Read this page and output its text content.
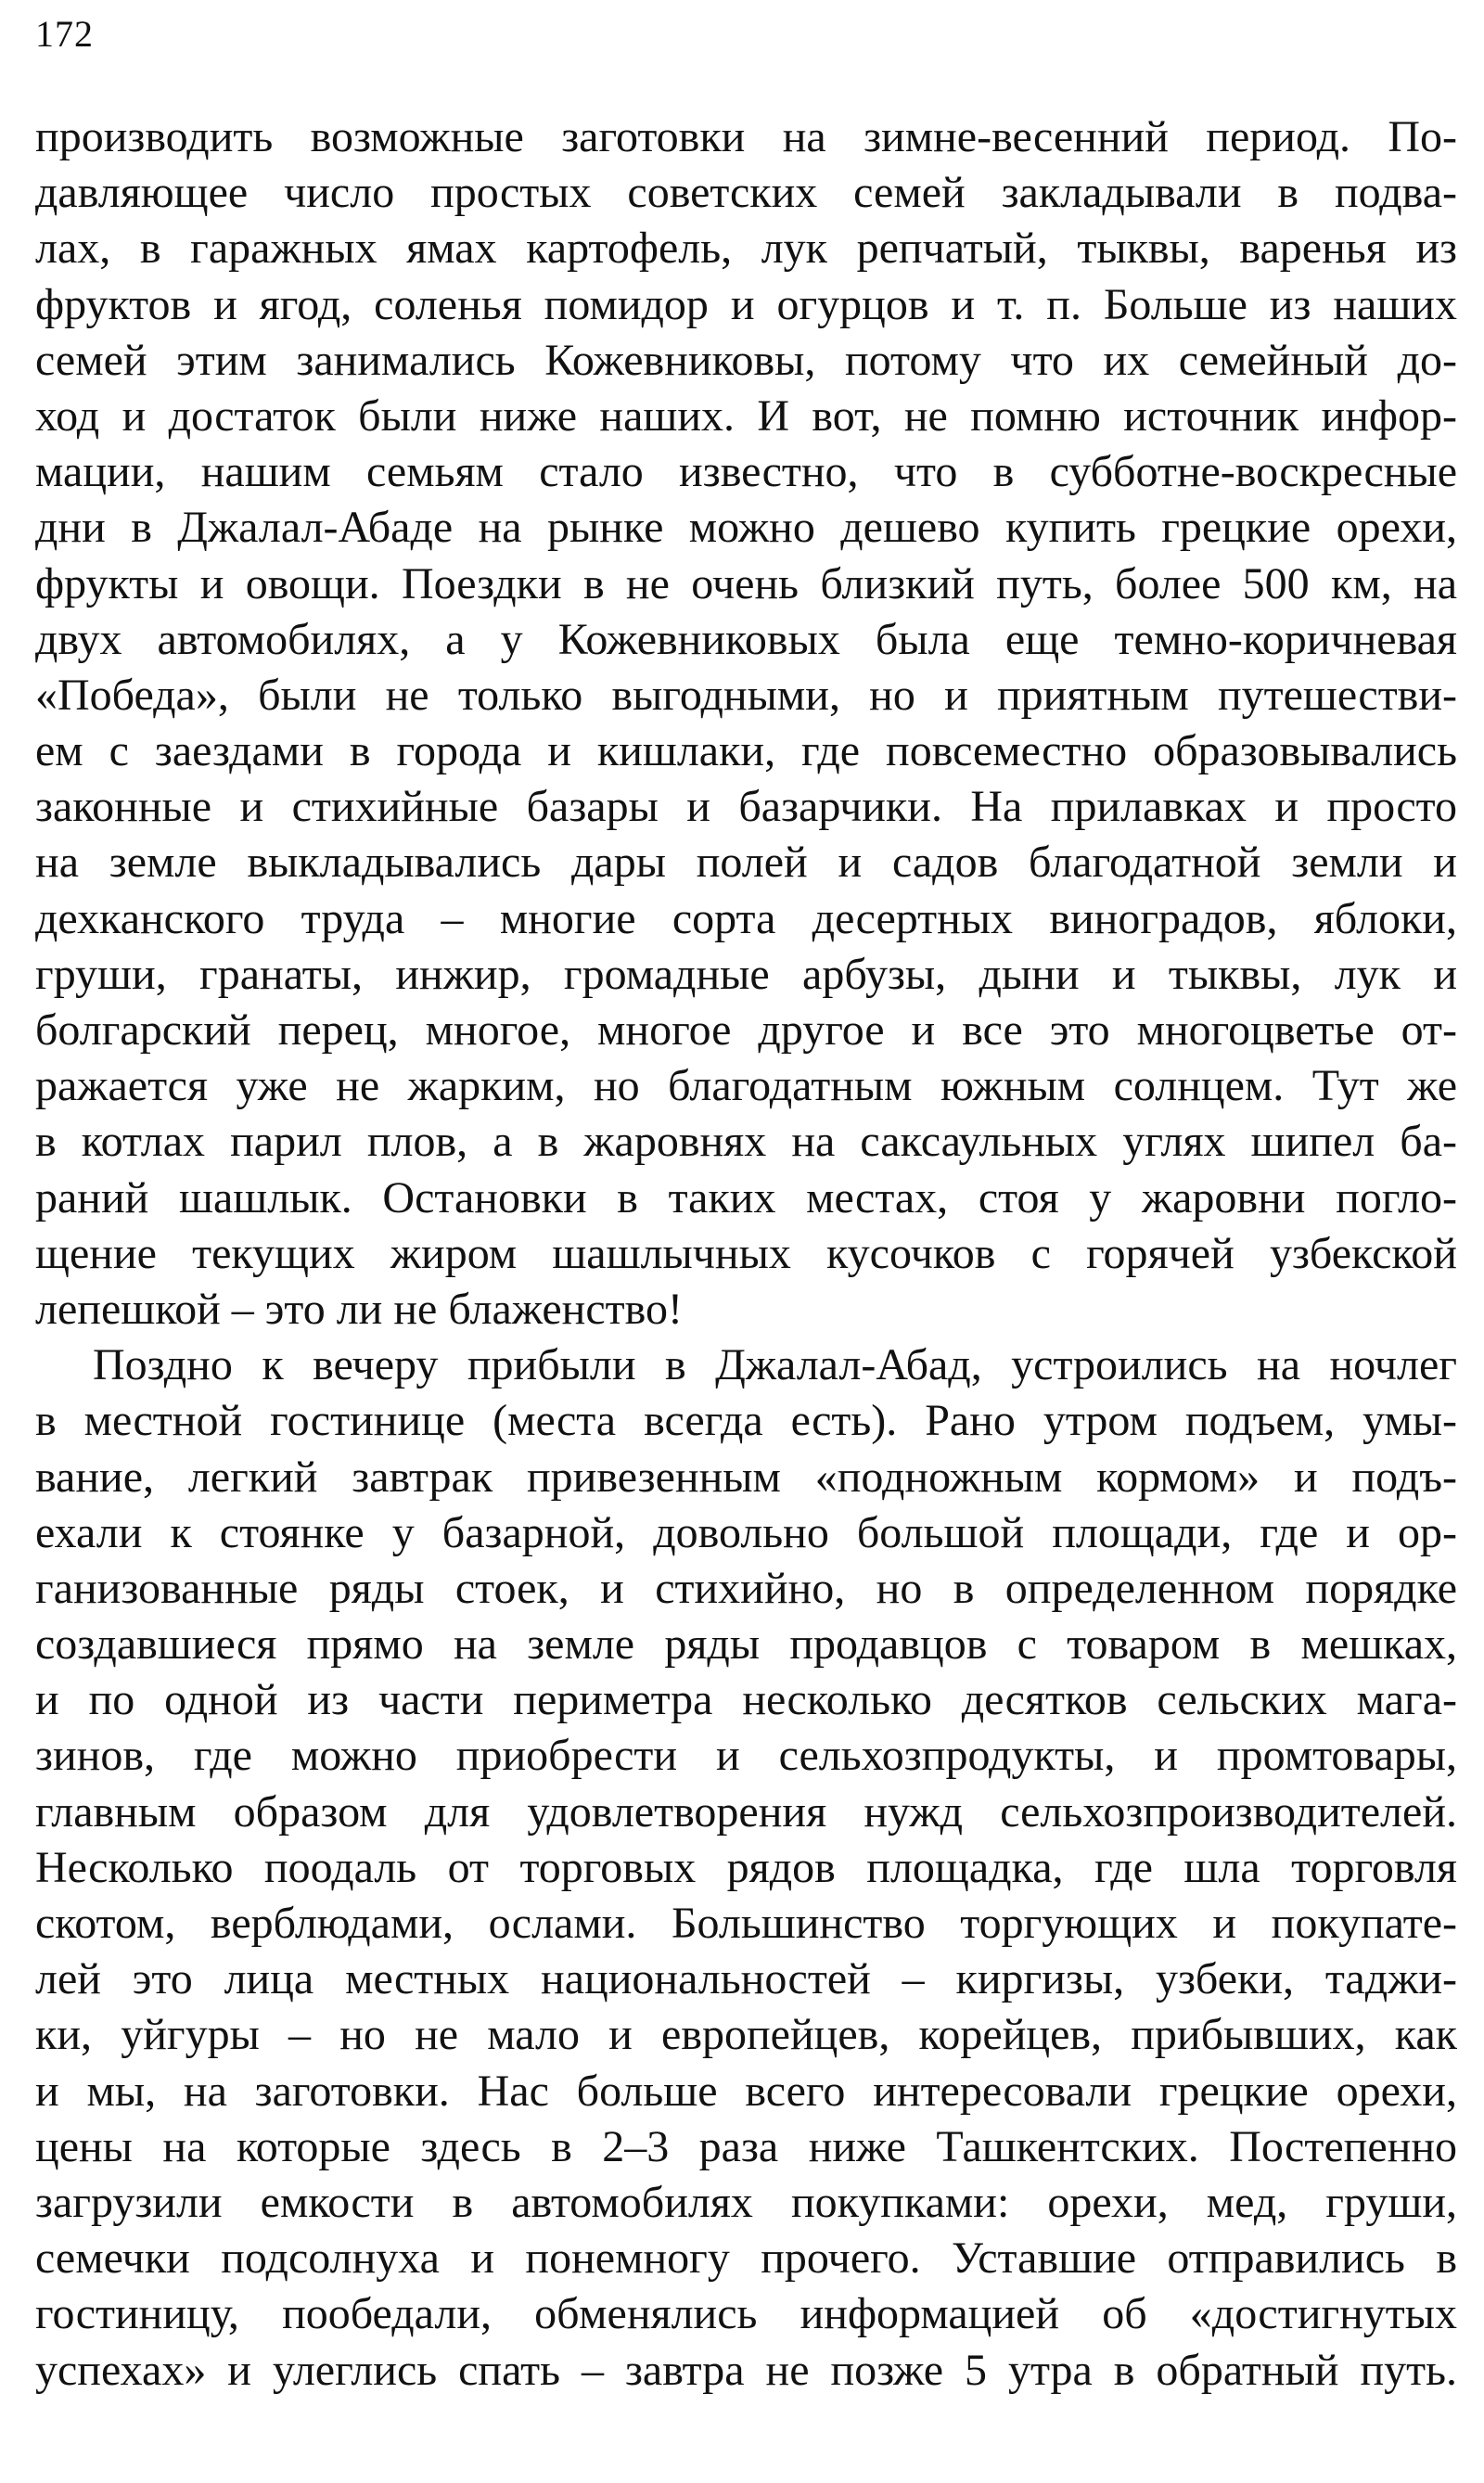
172
производить возможные заготовки на зимне-весенний период. По-
давляющее число простых советских семей закладывали в подва-
лах, в гаражных ямах картофель, лук репчатый, тыквы, варенья из
фруктов и ягод, соленья помидор и огурцов и т. п. Больше из наших
семей этим занимались Кожевниковы, потому что их семейный до-
ход и достаток были ниже наших. И вот, не помню источник инфор-
мации, нашим семьям стало известно, что в субботне-воскресные
дни в Джалал-Абаде на рынке можно дешево купить грецкие орехи,
фрукты и овощи. Поездки в не очень близкий путь, более 500 км, на
двух автомобилях, а у Кожевниковых была еще темно-коричневая
«Победа», были не только выгодными, но и приятным путешестви-
ем с заездами в города и кишлаки, где повсеместно образовывались
законные и стихийные базары и базарчики. На прилавках и просто
на земле выкладывались дары полей и садов благодатной земли и
дехканского труда – многие сорта десертных виноградов, яблоки,
груши, гранаты, инжир, громадные арбузы, дыни и тыквы, лук и
болгарский перец, многое, многое другое и все это многоцветье от-
ражается уже не жарким, но благодатным южным солнцем. Тут же
в котлах парил плов, а в жаровнях на саксаульных углях шипел ба-
раний шашлык. Остановки в таких местах, стоя у жаровни погло-
щение текущих жиром шашлычных кусочков с горячей узбекской
лепешкой – это ли не блаженство!
Поздно к вечеру прибыли в Джалал-Абад, устроились на ночлег
в местной гостинице (места всегда есть). Рано утром подъем, умы-
вание, легкий завтрак привезенным «подножным кормом» и подъ-
ехали к стоянке у базарной, довольно большой площади, где и ор-
ганизованные ряды стоек, и стихийно, но в определенном порядке
создавшиеся прямо на земле ряды продавцов с товаром в мешках,
и по одной из части периметра несколько десятков сельских мага-
зинов, где можно приобрести и сельхозпродукты, и промтовары,
главным образом для удовлетворения нужд сельхозпроизводителей.
Несколько поодаль от торговых рядов площадка, где шла торговля
скотом, верблюдами, ослами. Большинство торгующих и покупате-
лей это лица местных национальностей – киргизы, узбеки, таджи-
ки, уйгуры – но не мало и европейцев, корейцев, прибывших, как
и мы, на заготовки. Нас больше всего интересовали грецкие орехи,
цены на которые здесь в 2–3 раза ниже Ташкентских. Постепенно
загрузили емкости в автомобилях покупками: орехи, мед, груши,
семечки подсолнуха и понемногу прочего. Уставшие отправились в
гостиницу, пообедали, обменялись информацией об «достигнутых
успехах» и улеглись спать – завтра не позже 5 утра в обратный путь.
